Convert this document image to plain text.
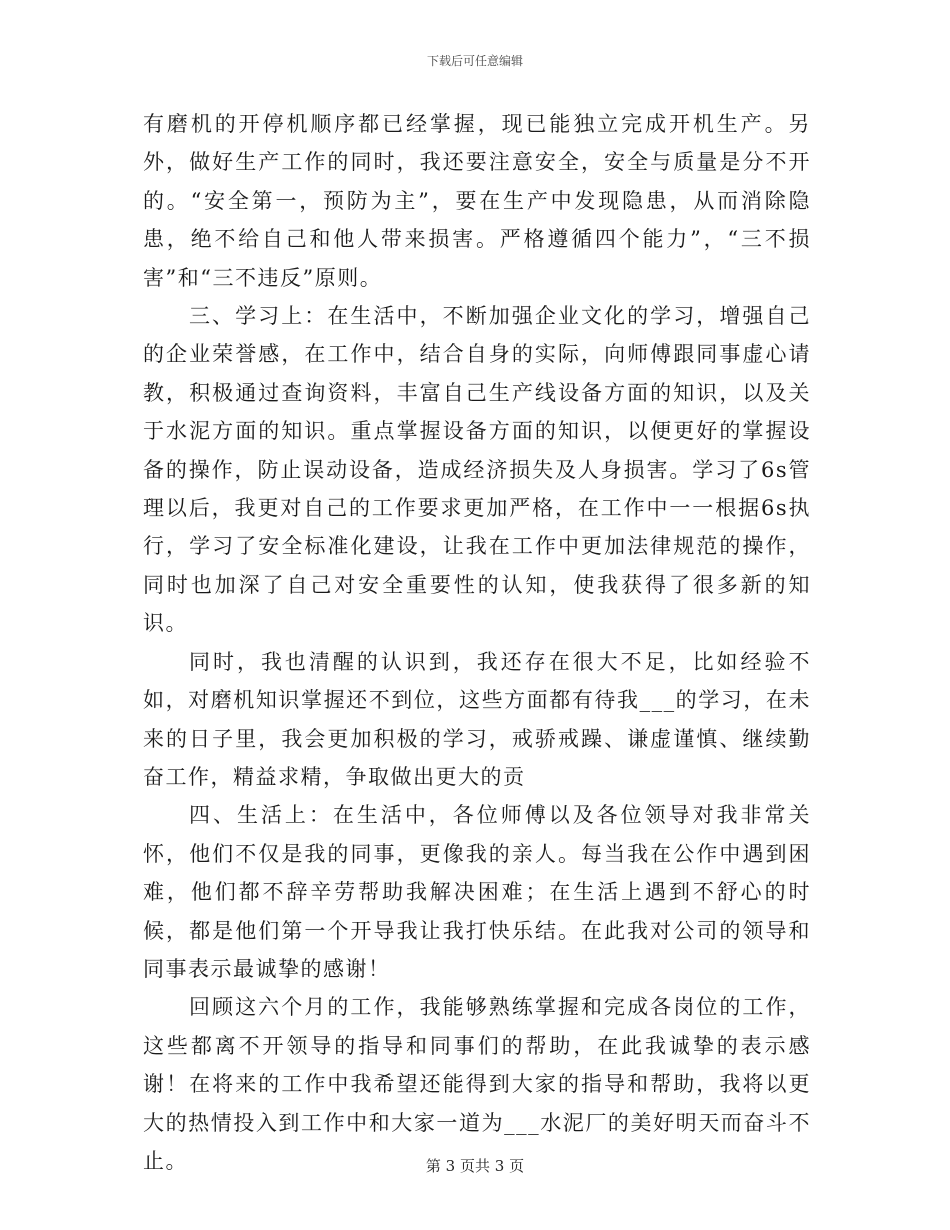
下载后可任意编辑

有磨机的开停机顺序都已经掌握，现已能独立完成开机生产。另外，做好生产工作的同时，我还要注意安全，安全与质量是分不开的。“安全第一，预防为主”，要在生产中发现隐患，从而消除隐患，绝不给自己和他人带来损害。严格遵循四个能力”，“三不损害”和“三不违反”原则。

三、学习上：在生活中，不断加强企业文化的学习，增强自己的企业荣誉感，在工作中，结合自身的实际，向师傅跟同事虚心请教，积极通过查询资料，丰富自己生产线设备方面的知识，以及关于水泥方面的知识。重点掌握设备方面的知识，以便更好的掌握设备的操作，防止误动设备，造成经济损失及人身损害。学习了6s管理以后，我更对自己的工作要求更加严格，在工作中一一根据6s执行，学习了安全标准化建设，让我在工作中更加法律规范的操作，同时也加深了自己对安全重要性的认知，使我获得了很多新的知识。

同时，我也清醒的认识到，我还存在很大不足，比如经验不如，对磨机知识掌握还不到位，这些方面都有待我___的学习，在未来的日子里，我会更加积极的学习，戒骄戒躁、谦虚谨慎、继续勤奋工作，精益求精，争取做出更大的贡

四、生活上：在生活中，各位师傅以及各位领导对我非常关怀，他们不仅是我的同事，更像我的亲人。每当我在公作中遇到困难，他们都不辞辛劳帮助我解决困难；在生活上遇到不舒心的时候，都是他们第一个开导我让我打快乐结。在此我对公司的领导和同事表示最诚挚的感谢！

回顾这六个月的工作，我能够熟练掌握和完成各岗位的工作，这些都离不开领导的指导和同事们的帮助，在此我诚挚的表示感谢！在将来的工作中我希望还能得到大家的指导和帮助，我将以更大的热情投入到工作中和大家一道为___水泥厂的美好明天而奋斗不止。	第 3 页共 3 页
